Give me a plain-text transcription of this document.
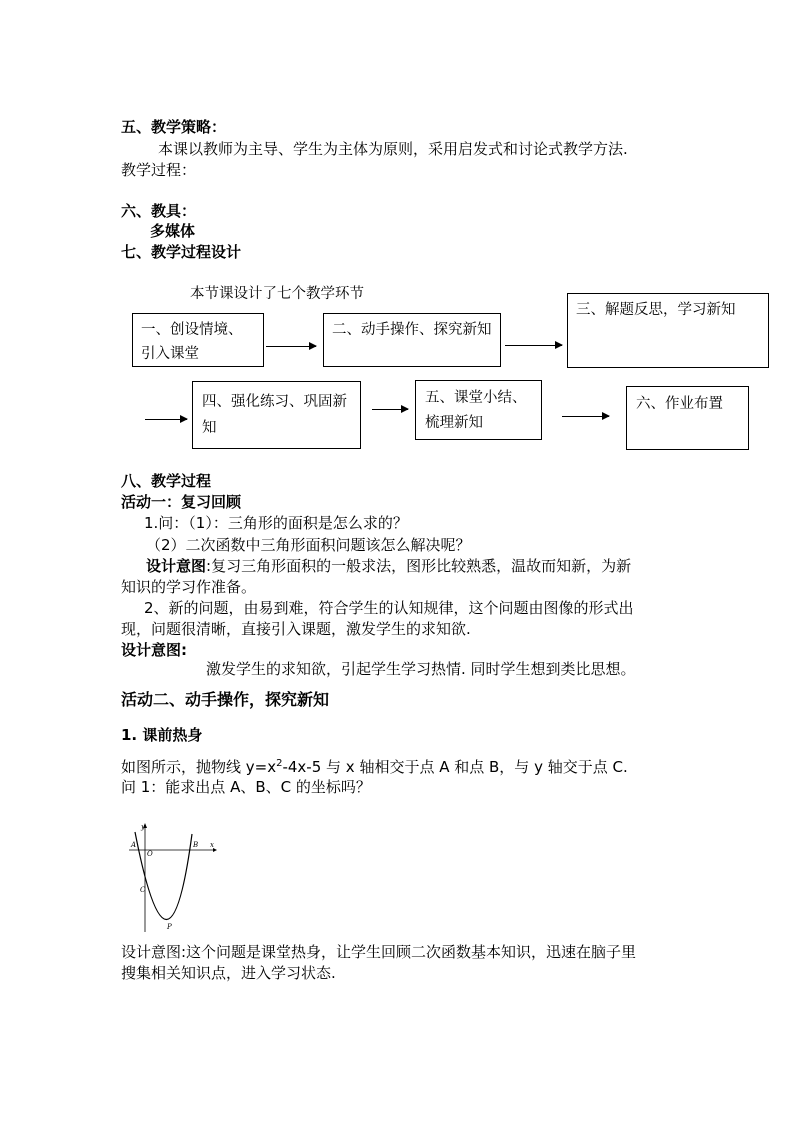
五、教学策略：
本课以教师为主导、学生为主体为原则，采用启发式和讨论式教学方法.
教学过程：
六、教具：
多媒体
七、教学过程设计
本节课设计了七个教学环节
一、创设情境、引入课堂
二、动手操作、探究新知
三、解题反思，学习新知
四、强化练习、巩固新知
五、课堂小结、梳理新知
六、作业布置
八、教学过程
活动一：复习回顾
1.问：（1）：三角形的面积是怎么求的？
（2）二次函数中三角形面积问题该怎么解决呢？
设计意图:复习三角形面积的一般求法，图形比较熟悉，温故而知新，为新
知识的学习作准备。
2、新的问题，由易到难，符合学生的认知规律，这个问题由图像的形式出
现，问题很清晰，直接引入课题，激发学生的求知欲.
设计意图:
激发学生的求知欲，引起学生学习热情. 同时学生想到类比思想。
活动二、动手操作，探究新知
1. 课前热身
如图所示，抛物线 $y=x^2-4x-5$ 与 x 轴相交于点 A 和点 B，与 y 轴交于点 C.
问 1：能求出点 A、B、C 的坐标吗？
y
x
A
O
B
C
P
设计意图:这个问题是课堂热身，让学生回顾二次函数基本知识，迅速在脑子里
搜集相关知识点，进入学习状态.
